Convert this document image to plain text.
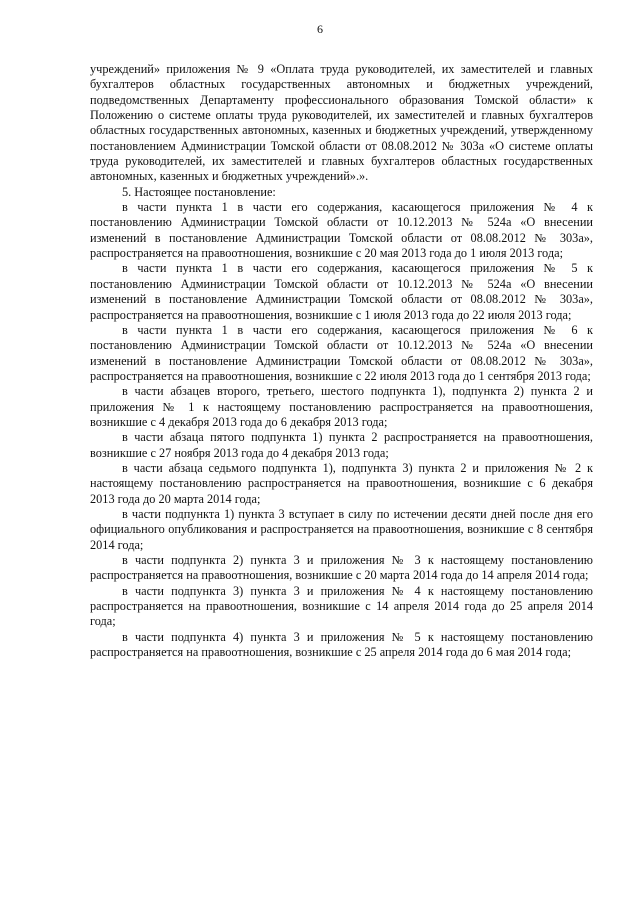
6

учреждений» приложения № 9 «Оплата труда руководителей, их заместителей и главных бухгалтеров областных государственных автономных и бюджетных учреждений, подведомственных Департаменту профессионального образования Томской области» к Положению о системе оплаты труда руководителей, их заместителей и главных бухгалтеров областных государственных автономных, казенных и бюджетных учреждений, утвержденному постановлением Администрации Томской области от 08.08.2012 № 303а «О системе оплаты труда руководителей, их заместителей и главных бухгалтеров областных государственных автономных, казенных и бюджетных учреждений».».

5. Настоящее постановление:

в части пункта 1 в части его содержания, касающегося приложения № 4 к постановлению Администрации Томской области от 10.12.2013 № 524а «О внесении изменений в постановление Администрации Томской области от 08.08.2012 № 303а», распространяется на правоотношения, возникшие с 20 мая 2013 года до 1 июля 2013 года;

в части пункта 1 в части его содержания, касающегося приложения № 5 к постановлению Администрации Томской области от 10.12.2013 № 524а «О внесении изменений в постановление Администрации Томской области от 08.08.2012 № 303а», распространяется на правоотношения, возникшие с 1 июля 2013 года до 22 июля 2013 года;

в части пункта 1 в части его содержания, касающегося приложения № 6 к постановлению Администрации Томской области от 10.12.2013 № 524а «О внесении изменений в постановление Администрации Томской области от 08.08.2012 № 303а», распространяется на правоотношения, возникшие с 22 июля 2013 года до 1 сентября 2013 года;

в части абзацев второго, третьего, шестого подпункта 1), подпункта 2) пункта 2 и приложения № 1 к настоящему постановлению распространяется на правоотношения, возникшие с 4 декабря 2013 года до 6 декабря 2013 года;

в части абзаца пятого подпункта 1) пункта 2 распространяется на правоотношения, возникшие с 27 ноября 2013 года до 4 декабря 2013 года;

в части абзаца седьмого подпункта 1), подпункта 3) пункта 2 и приложения № 2 к настоящему постановлению распространяется на правоотношения, возникшие с 6 декабря 2013 года до 20 марта 2014 года;

в части подпункта 1) пункта 3 вступает в силу по истечении десяти дней после дня его официального опубликования и распространяется на правоотношения, возникшие с 8 сентября 2014 года;

в части подпункта 2) пункта 3 и приложения № 3 к настоящему постановлению распространяется на правоотношения, возникшие с 20 марта 2014 года до 14 апреля 2014 года;

в части подпункта 3) пункта 3 и приложения № 4 к настоящему постановлению распространяется на правоотношения, возникшие с 14 апреля 2014 года до 25 апреля 2014 года;

в части подпункта 4) пункта 3 и приложения № 5 к настоящему постановлению распространяется на правоотношения, возникшие с 25 апреля 2014 года до 6 мая 2014 года;
